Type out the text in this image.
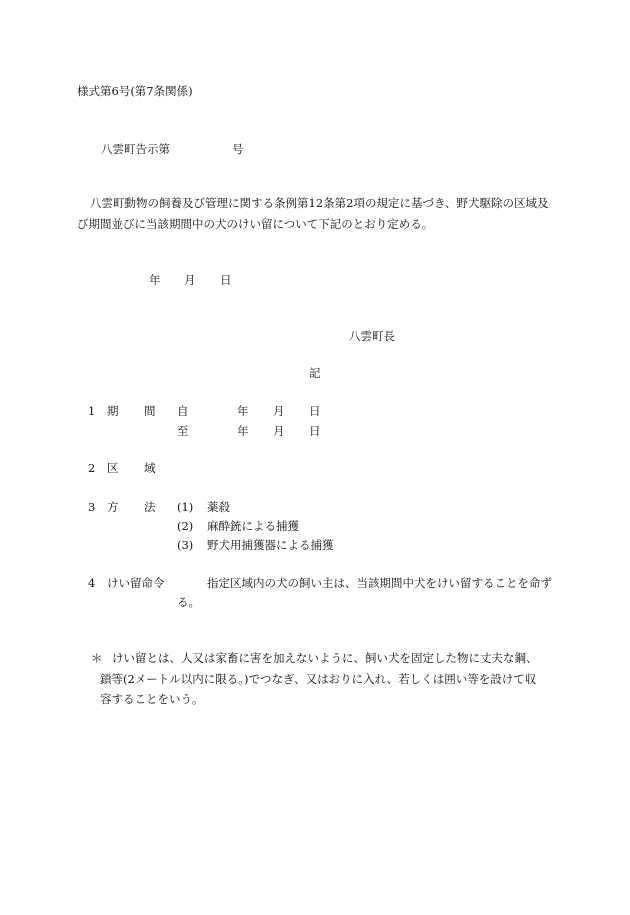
様式第6号(第7条関係)
八雲町告示第	号
八雲町動物の飼養及び管理に関する条例第12条第2項の規定に基づき、野犬駆除の区域及
び期間並びに当該期間中の犬のけい留について下記のとおり定める。
年 月 日
八雲町長
記
1 期 間 自	年 月 日
至	年 月 日
2 区 域
3 方 法 (1) 薬殺
(2) 麻酔銃による捕獲
(3) 野犬用捕獲器による捕獲
4 けい留命令	指定区域内の犬の飼い主は、当該期間中犬をけい留することを命ず
る。
＊ けい留とは、人又は家畜に害を加えないように、飼い犬を固定した物に丈夫な鋼、
鎖等(2メートル以内に限る。)でつなぎ、又はおりに入れ、若しくは囲い等を設けて収
容することをいう。
